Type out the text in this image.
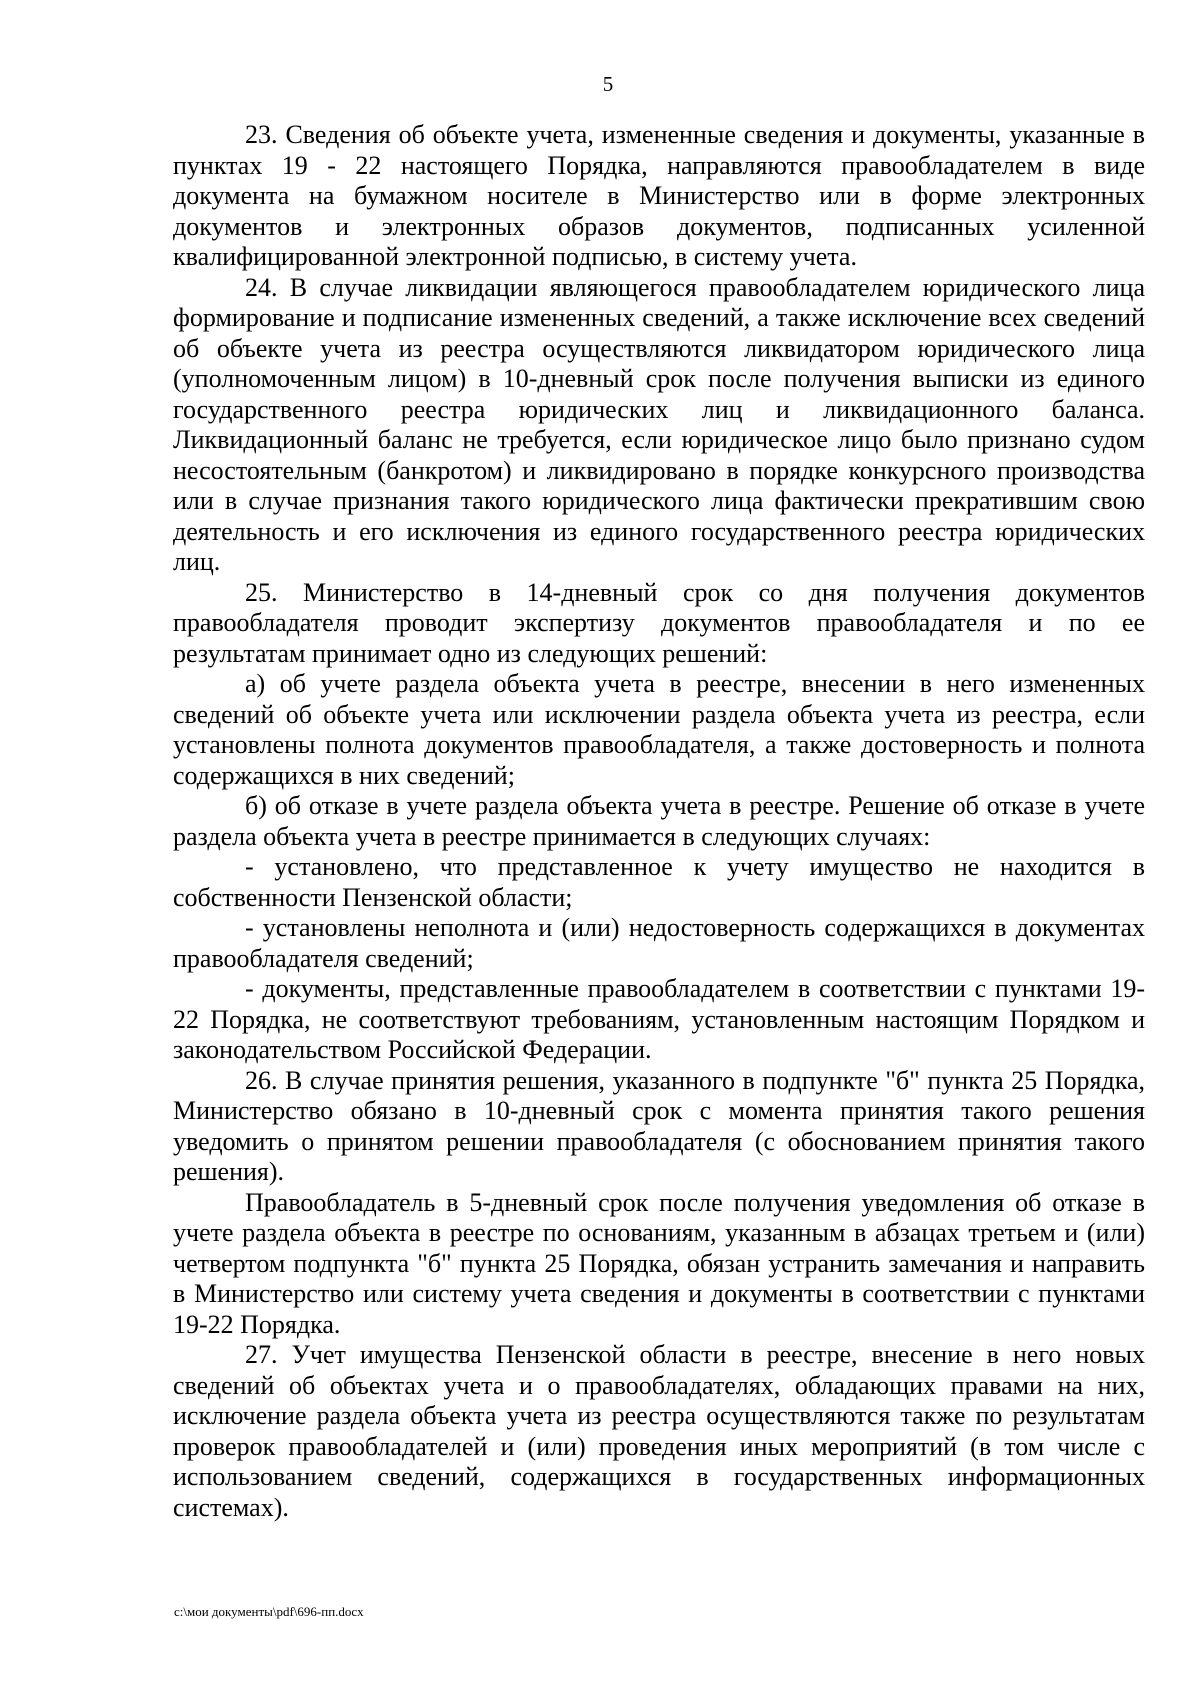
5

23. Сведения об объекте учета, измененные сведения и документы, указанные в пунктах 19 - 22 настоящего Порядка, направляются правообладателем в виде документа на бумажном носителе в Министерство или в форме электронных документов и электронных образов документов, подписанных усиленной квалифицированной электронной подписью, в систему учета.

24. В случае ликвидации являющегося правообладателем юридического лица формирование и подписание измененных сведений, а также исключение всех сведений об объекте учета из реестра осуществляются ликвидатором юридического лица (уполномоченным лицом) в 10-дневный срок после получения выписки из единого государственного реестра юридических лиц и ликвидационного баланса. Ликвидационный баланс не требуется, если юридическое лицо было признано судом несостоятельным (банкротом) и ликвидировано в порядке конкурсного производства или в случае признания такого юридического лица фактически прекратившим свою деятельность и его исключения из единого государственного реестра юридических лиц.

25. Министерство в 14-дневный срок со дня получения документов правообладателя проводит экспертизу документов правообладателя и по ее результатам принимает одно из следующих решений:

а) об учете раздела объекта учета в реестре, внесении в него измененных сведений об объекте учета или исключении раздела объекта учета из реестра, если установлены полнота документов правообладателя, а также достоверность и полнота содержащихся в них сведений;

б) об отказе в учете раздела объекта учета в реестре. Решение об отказе в учете раздела объекта учета в реестре принимается в следующих случаях:

- установлено, что представленное к учету имущество не находится в собственности Пензенской области;

- установлены неполнота и (или) недостоверность содержащихся в документах правообладателя сведений;

- документы, представленные правообладателем в соответствии с пунктами 19-22 Порядка, не соответствуют требованиям, установленным настоящим Порядком и законодательством Российской Федерации.

26. В случае принятия решения, указанного в подпункте "б" пункта 25 Порядка, Министерство обязано в 10-дневный срок с момента принятия такого решения уведомить о принятом решении правообладателя (с обоснованием принятия такого решения).

Правообладатель в 5-дневный срок после получения уведомления об отказе в учете раздела объекта в реестре по основаниям, указанным в абзацах третьем и (или) четвертом подпункта "б" пункта 25 Порядка, обязан устранить замечания и направить в Министерство или систему учета сведения и документы в соответствии с пунктами 19-22 Порядка.

27. Учет имущества Пензенской области в реестре, внесение в него новых сведений об объектах учета и о правообладателях, обладающих правами на них, исключение раздела объекта учета из реестра осуществляются также по результатам проверок правообладателей и (или) проведения иных мероприятий (в том числе с использованием сведений, содержащихся в государственных информационных системах).

c:\мои документы\pdf\696-пп.docx
